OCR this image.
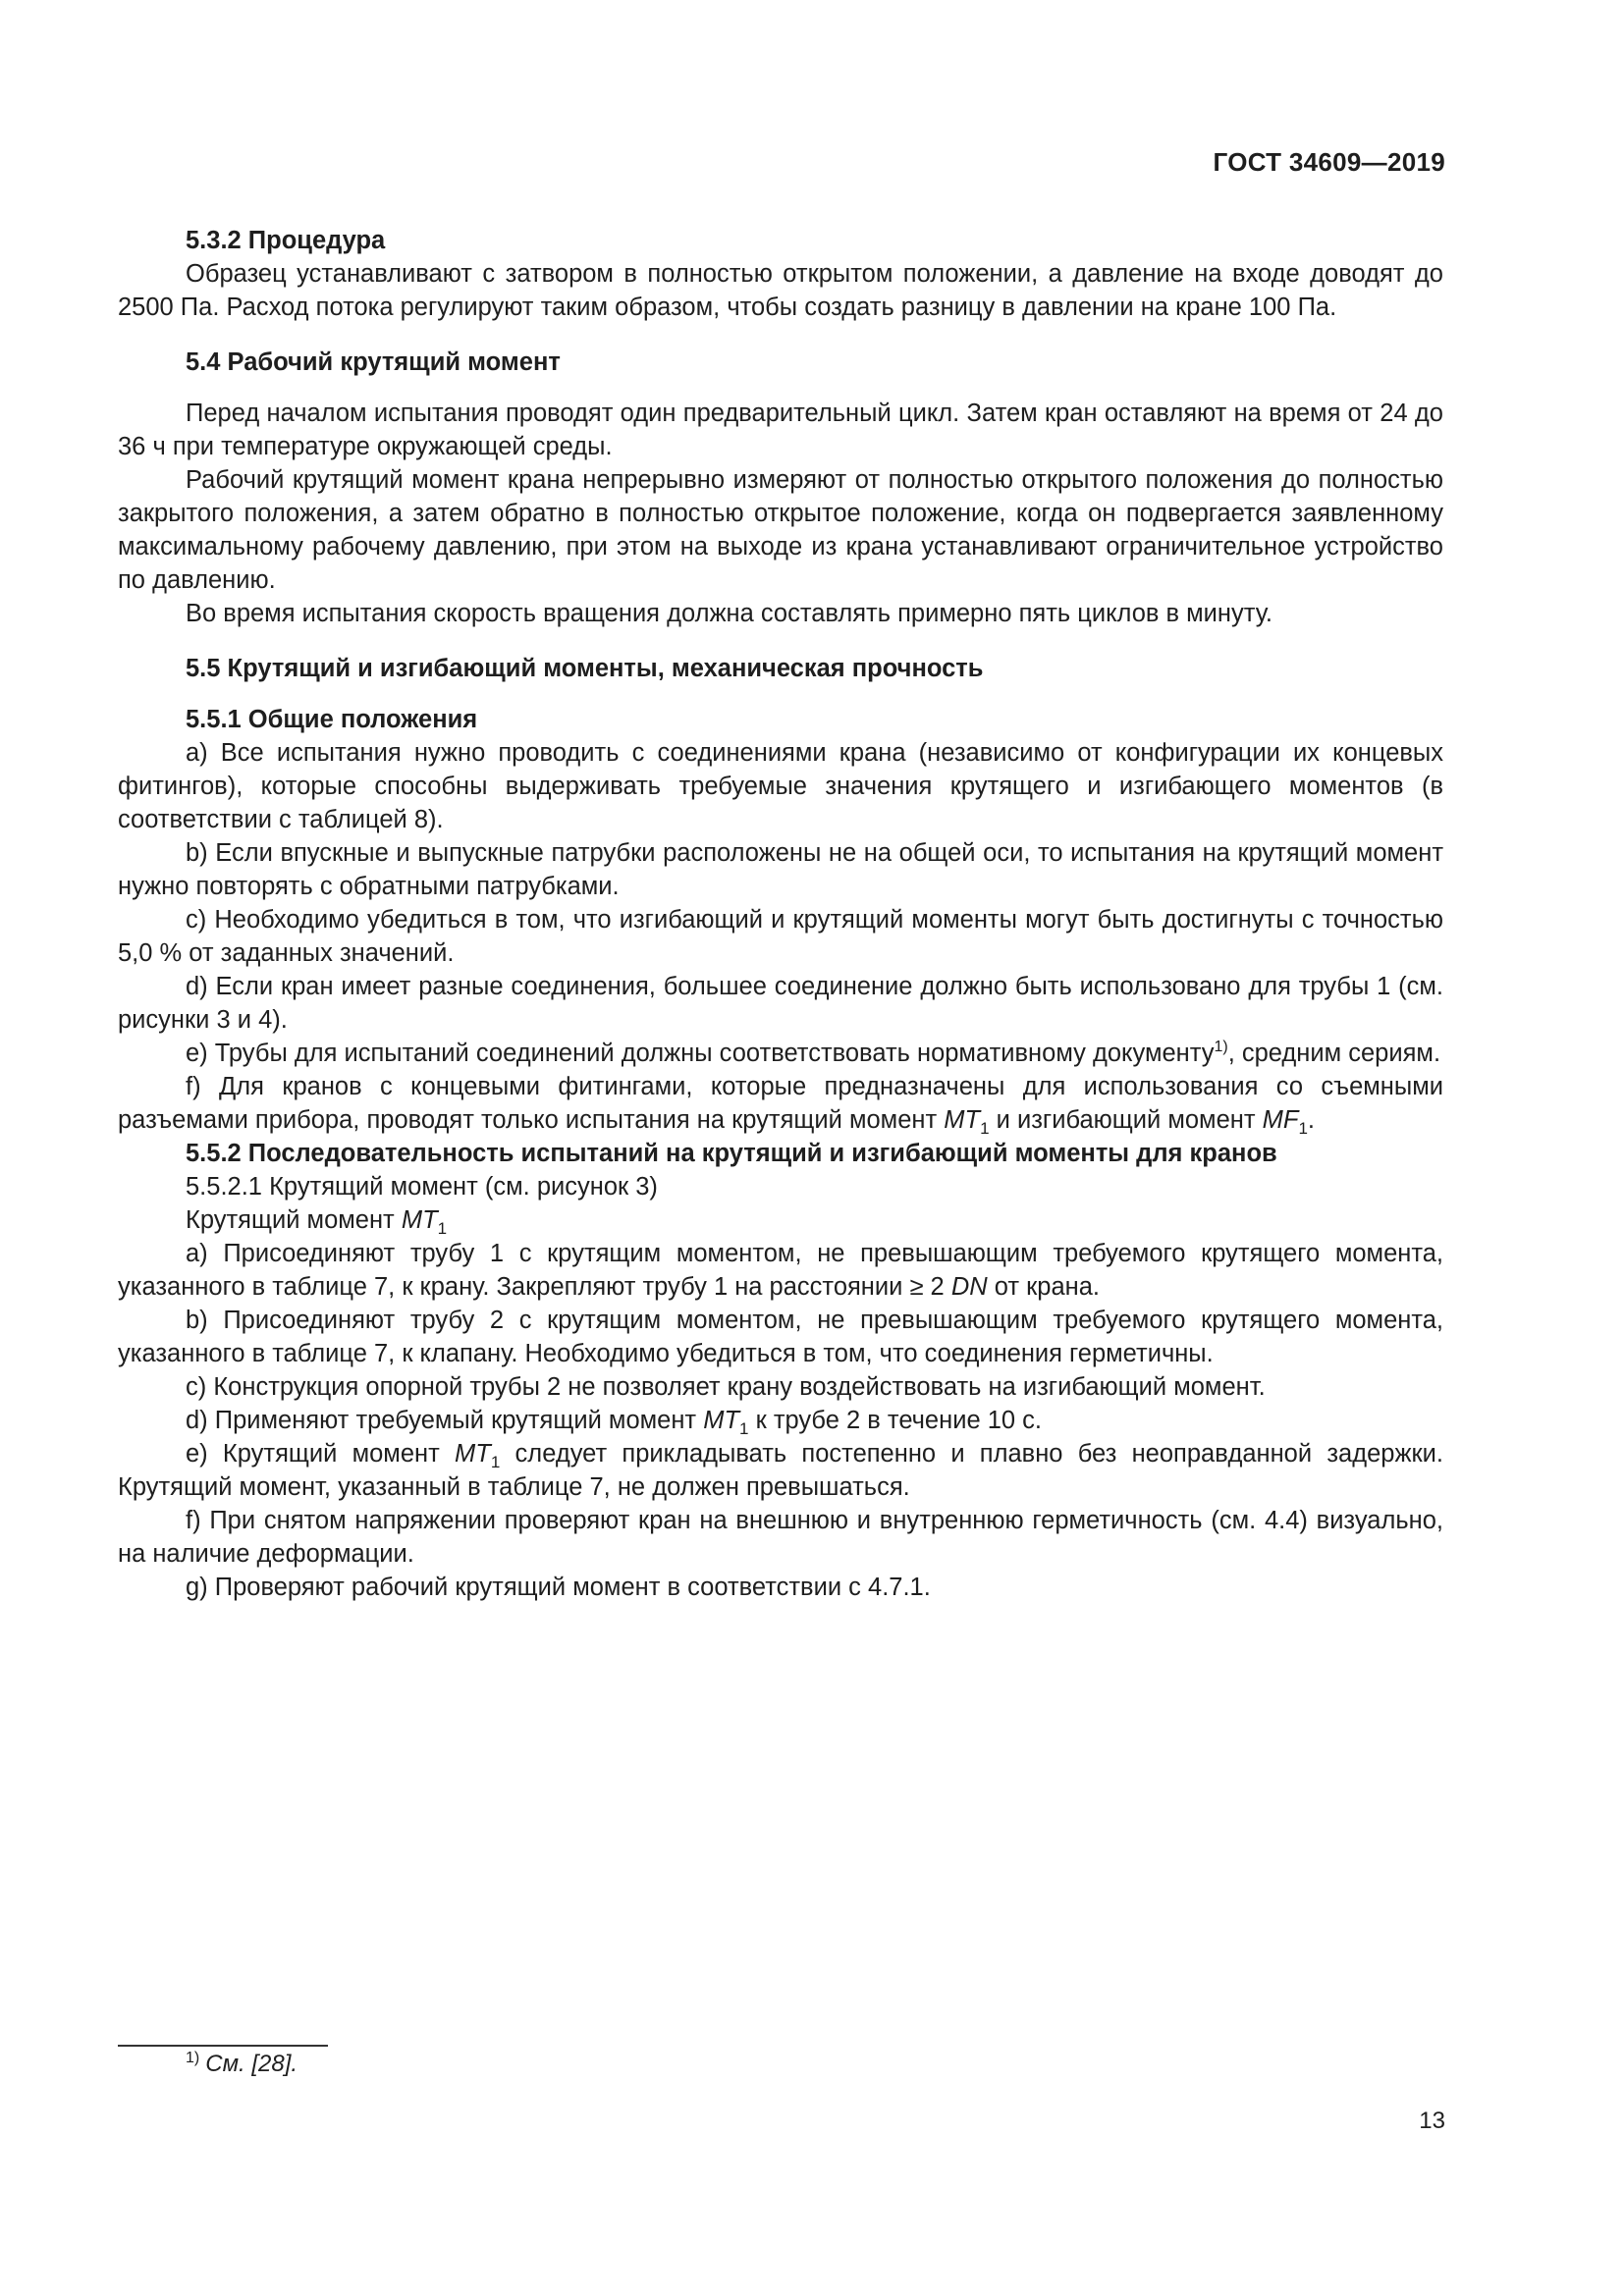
ГОСТ 34609—2019
5.3.2 Процедура
Образец устанавливают с затвором в полностью открытом положении, а давление на входе доводят до 2500 Па. Расход потока регулируют таким образом, чтобы создать разницу в давлении на кране 100 Па.
5.4 Рабочий крутящий момент
Перед началом испытания проводят один предварительный цикл. Затем кран оставляют на время от 24 до 36 ч при температуре окружающей среды.
Рабочий крутящий момент крана непрерывно измеряют от полностью открытого положения до полностью закрытого положения, а затем обратно в полностью открытое положение, когда он подвергается заявленному максимальному рабочему давлению, при этом на выходе из крана устанавливают ограничительное устройство по давлению.
Во время испытания скорость вращения должна составлять примерно пять циклов в минуту.
5.5 Крутящий и изгибающий моменты, механическая прочность
5.5.1 Общие положения
а) Все испытания нужно проводить с соединениями крана (независимо от конфигурации их концевых фитингов), которые способны выдерживать требуемые значения крутящего и изгибающего моментов (в соответствии с таблицей 8).
b) Если впускные и выпускные патрубки расположены не на общей оси, то испытания на крутящий момент нужно повторять с обратными патрубками.
c) Необходимо убедиться в том, что изгибающий и крутящий моменты могут быть достигнуты с точностью 5,0 % от заданных значений.
d) Если кран имеет разные соединения, большее соединение должно быть использовано для трубы 1 (см. рисунки 3 и 4).
е) Трубы для испытаний соединений должны соответствовать нормативному документу$^{1)}$, средним сериям.
f) Для кранов с концевыми фитингами, которые предназначены для использования со съемными разъемами прибора, проводят только испытания на крутящий момент $MT_1$ и изгибающий момент $MF_1$.
5.5.2 Последовательность испытаний на крутящий и изгибающий моменты для кранов
5.5.2.1 Крутящий момент (см. рисунок 3)
Крутящий момент $MT_1$
а) Присоединяют трубу 1 с крутящим моментом, не превышающим требуемого крутящего момента, указанного в таблице 7, к крану. Закрепляют трубу 1 на расстоянии ≥ 2 DN от крана.
b) Присоединяют трубу 2 с крутящим моментом, не превышающим требуемого крутящего момента, указанного в таблице 7, к клапану. Необходимо убедиться в том, что соединения герметичны.
c) Конструкция опорной трубы 2 не позволяет крану воздействовать на изгибающий момент.
d) Применяют требуемый крутящий момент $MT_1$ к трубе 2 в течение 10 с.
е) Крутящий момент $MT_1$ следует прикладывать постепенно и плавно без неоправданной задержки. Крутящий момент, указанный в таблице 7, не должен превышаться.
f) При снятом напряжении проверяют кран на внешнюю и внутреннюю герметичность (см. 4.4) визуально, на наличие деформации.
g) Проверяют рабочий крутящий момент в соответствии с 4.7.1.
$^{1)}$ См. [28].
13
